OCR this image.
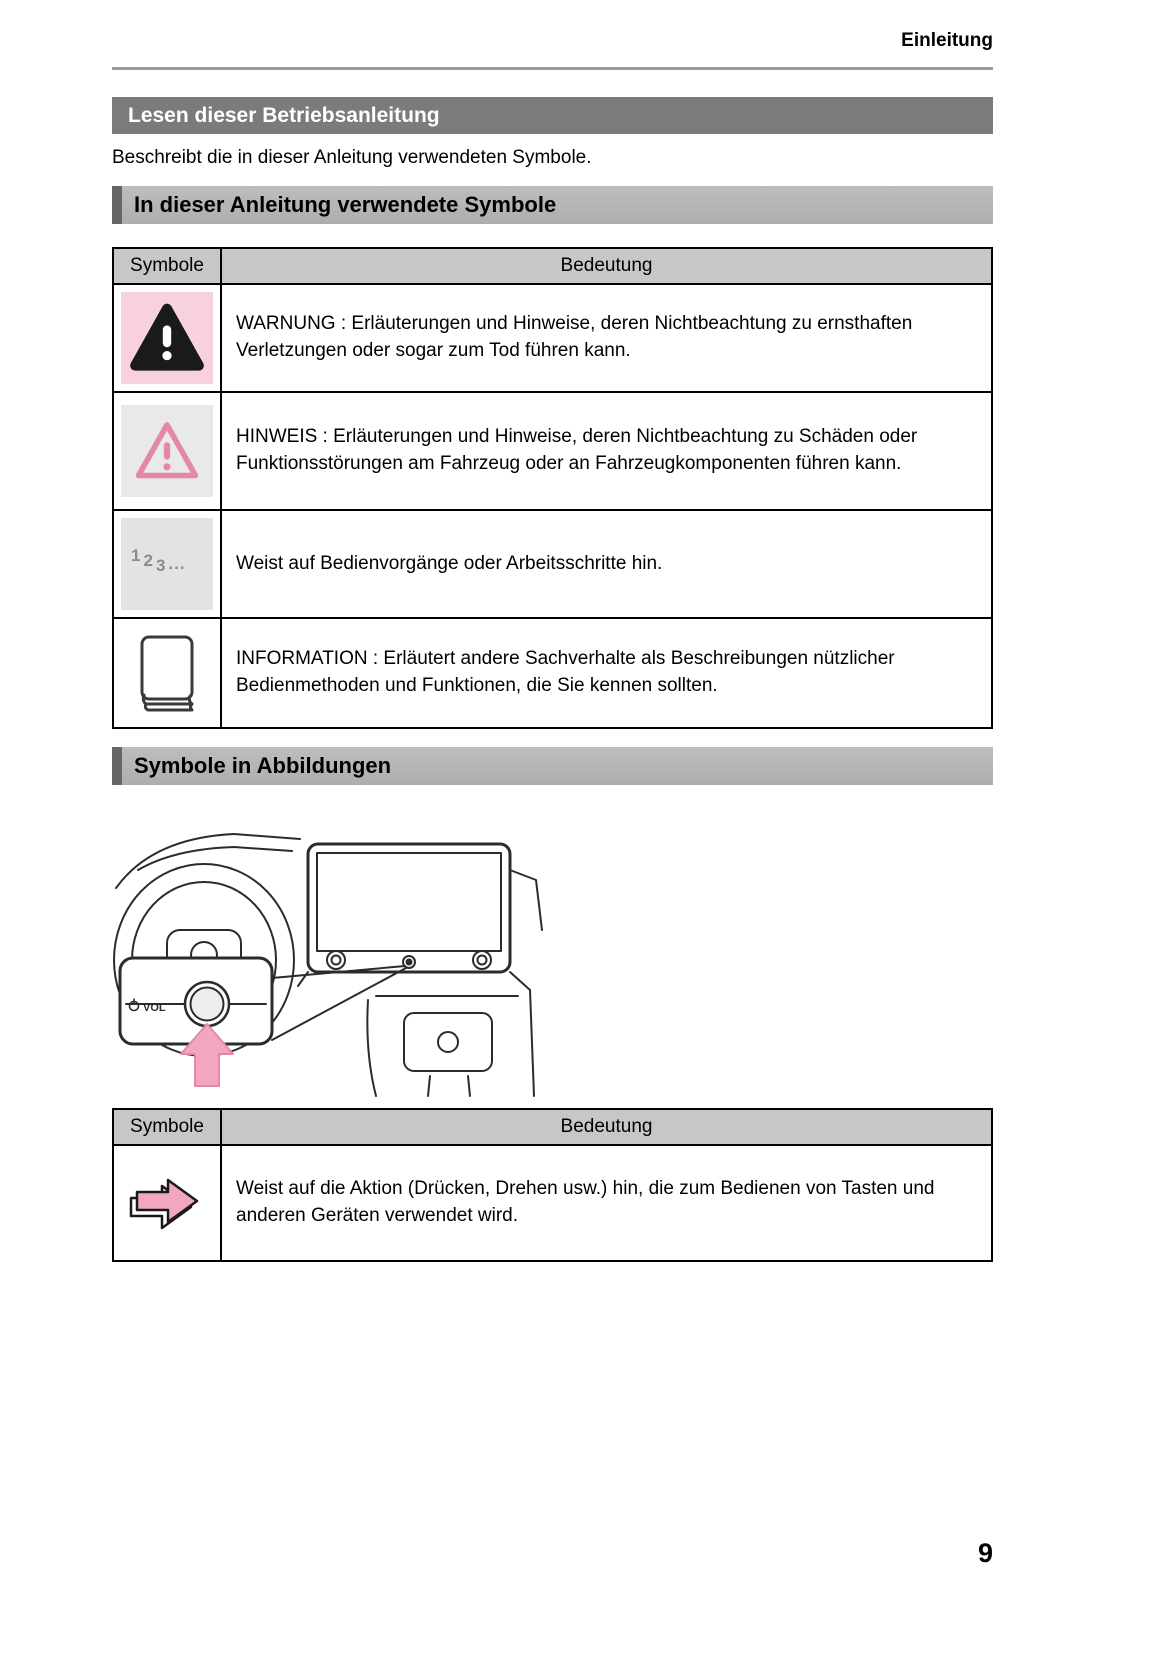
Einleitung
Lesen dieser Betriebsanleitung
Beschreibt die in dieser Anleitung verwendeten Symbole.
In dieser Anleitung verwendete Symbole
Symbole	Bedeutung

	WARNUNG : Erläuterungen und Hinweise, deren Nichtbeachtung zu ernsthaften Verletzungen oder sogar zum Tod führen kann.

	HINWEIS : Erläuterungen und Hinweise, deren Nichtbeachtung zu Schäden oder Funktionsstörungen am Fahrzeug oder an Fahrzeugkomponenten führen kann.

1 2 3 ...	Weist auf Bedienvorgänge oder Arbeitsschritte hin.

	INFORMATION : Erläutert andere Sachverhalte als Beschreibungen nützlicher Bedienmethoden und Funktionen, die Sie kennen sollten.
Symbole in Abbildungen
VOL
Symbole	Bedeutung

	Weist auf die Aktion (Drücken, Drehen usw.) hin, die zum Bedienen von Tasten und anderen Geräten verwendet wird.
9
